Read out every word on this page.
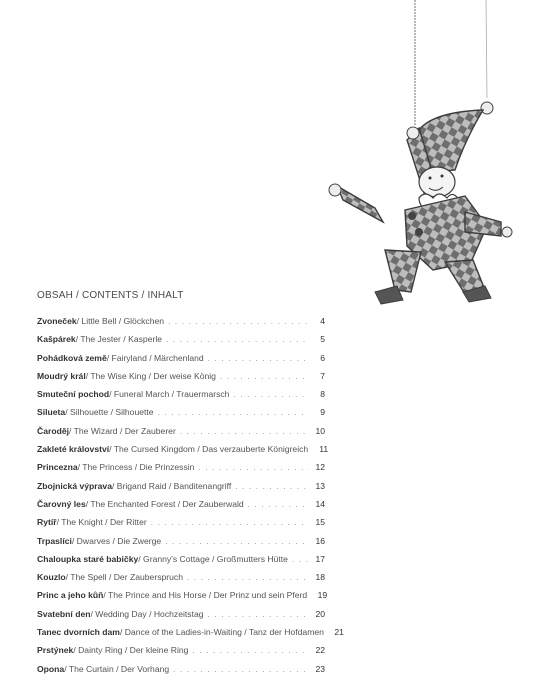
OBSAH / CONTENTS / INHALT
Zvoneček / Little Bell / Glöckchen . . .	4
Kašpárek / The Jester / Kasperle . . .	5
Pohádková země / Fairyland / Märchenland . . .	6
Moudrý král / The Wise King / Der weise König . . .	7
Smuteční pochod / Funeral March / Trauermarsch . . .	8
Silueta / Silhouette / Silhouette . . .	9
Čaroděj / The Wizard / Der Zauberer . . .	10
Zakleté království / The Cursed Kingdom / Das verzauberte Königreich	11
Princezna / The Princess / Die Prinzessin . . .	12
Zbojnická výprava / Brigand Raid / Banditenangriff . . .	13
Čarovný les / The Enchanted Forest / Der Zauberwald . . .	14
Rytíř / The Knight / Der Ritter . . .	15
Trpaslíci / Dwarves / Die Zwerge . . .	16
Chaloupka staré babičky / Granny's Cottage / Großmutters Hütte . . .	17
Kouzlo / The Spell / Der Zauberspruch . . .	18
Princ a jeho kůň / The Prince and His Horse / Der Prinz und sein Pferd 19
Svatební den / Wedding Day / Hochzeitstag . . .	20
Tanec dvorních dam / Dance of the Ladies-in-Waiting / Tanz der Hofdamen 21
Prstýnek / Dainty Ring / Der kleine Ring . . .	22
Opona / The Curtain / Der Vorhang . . .	23
